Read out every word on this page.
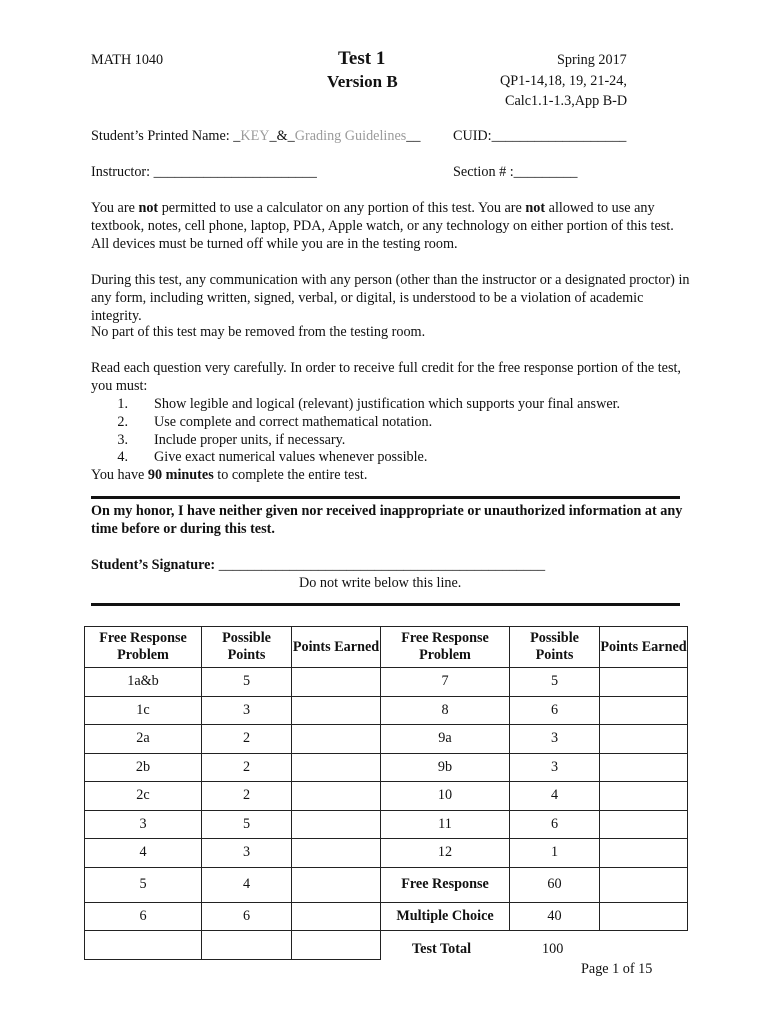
MATH 1040	Test 1
Version B
Spring 2017
QP1-14,18, 19, 21-24,
Calc1.1-1.3,App B-D
Student’s Printed Name: _KEY_&_Grading Guidelines__ CUID:___________________
Instructor: _______________________	Section # :_________
You are not permitted to use a calculator on any portion of this test. You are not allowed to use any textbook, notes, cell phone, laptop, PDA, Apple watch, or any technology on either portion of this test. All devices must be turned off while you are in the testing room.
During this test, any communication with any person (other than the instructor or a designated proctor) in any form, including written, signed, verbal, or digital, is understood to be a violation of academic integrity.
No part of this test may be removed from the testing room.
Read each question very carefully. In order to receive full credit for the free response portion of the test, you must:
1. Show legible and logical (relevant) justification which supports your final answer.
2. Use complete and correct mathematical notation.
3. Include proper units, if necessary.
4. Give exact numerical values whenever possible.
You have 90 minutes to complete the entire test.
On my honor, I have neither given nor received inappropriate or unauthorized information at any time before or during this test.
Student’s Signature: ______________________________________________
Do not write below this line.
Free Response Problem	Possible Points	Points Earned	Free Response Problem	Possible Points	Points Earned
1a&b	5		7	5	
1c	3		8	6	
2a	2		9a	3	
2b	2		9b	3	
2c	2		10	4	
3	5		11	6	
4	3		12	1	
5	4		Free Response	60	
6	6		Multiple Choice	40	

Test Total	100
Page 1 of 15
